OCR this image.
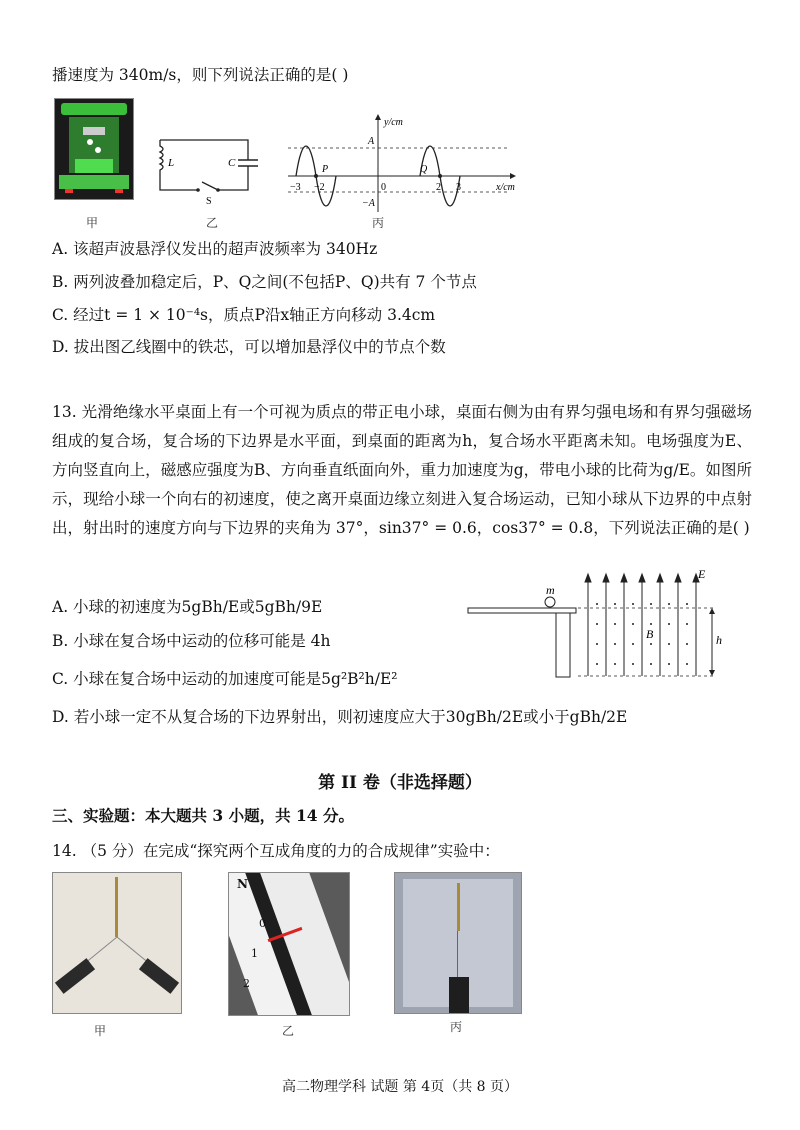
播速度为 340m/s，则下列说法正确的是( )
甲
L	C
S
乙
y/cm
x/cm
A
−A
P	Q
−3 −2	0	2 3
丙
A. 该超声波悬浮仪发出的超声波频率为 340Hz
B. 两列波叠加稳定后，P、Q之间(不包括P、Q)共有 7 个节点
C. 经过t = 1 × 10⁻⁴s，质点P沿x轴正方向移动 3.4cm
D. 拔出图乙线圈中的铁芯，可以增加悬浮仪中的节点个数
13. 光滑绝缘水平桌面上有一个可视为质点的带正电小球，桌面右侧为由有界匀强电场和有界匀强磁场组成的复合场，复合场的下边界是水平面，到桌面的距离为h，复合场水平距离未知。电场强度为E、方向竖直向上，磁感应强度为B、方向垂直纸面向外，重力加速度为g，带电小球的比荷为g/E。如图所示，现给小球一个向右的初速度，使之离开桌面边缘立刻进入复合场运动，已知小球从下边界的中点射出，射出时的速度方向与下边界的夹角为 37°，sin37° = 0.6，cos37° = 0.8，下列说法正确的是( )
A. 小球的初速度为5gBh/E或5gBh/9E
B. 小球在复合场中运动的位移可能是 4h
C. 小球在复合场中运动的加速度可能是5g²B²h/E²
D. 若小球一定不从复合场的下边界射出，则初速度应大于30gBh/2E或小于gBh/2E
m
h
B
E
第 II 卷（非选择题）
三、实验题：本大题共 3 小题，共 14 分。
14. （5 分）在完成“探究两个互成角度的力的合成规律”实验中：
甲
N
0
1
2
乙	丙
高二物理学科 试题 第 4页（共 8 页）
